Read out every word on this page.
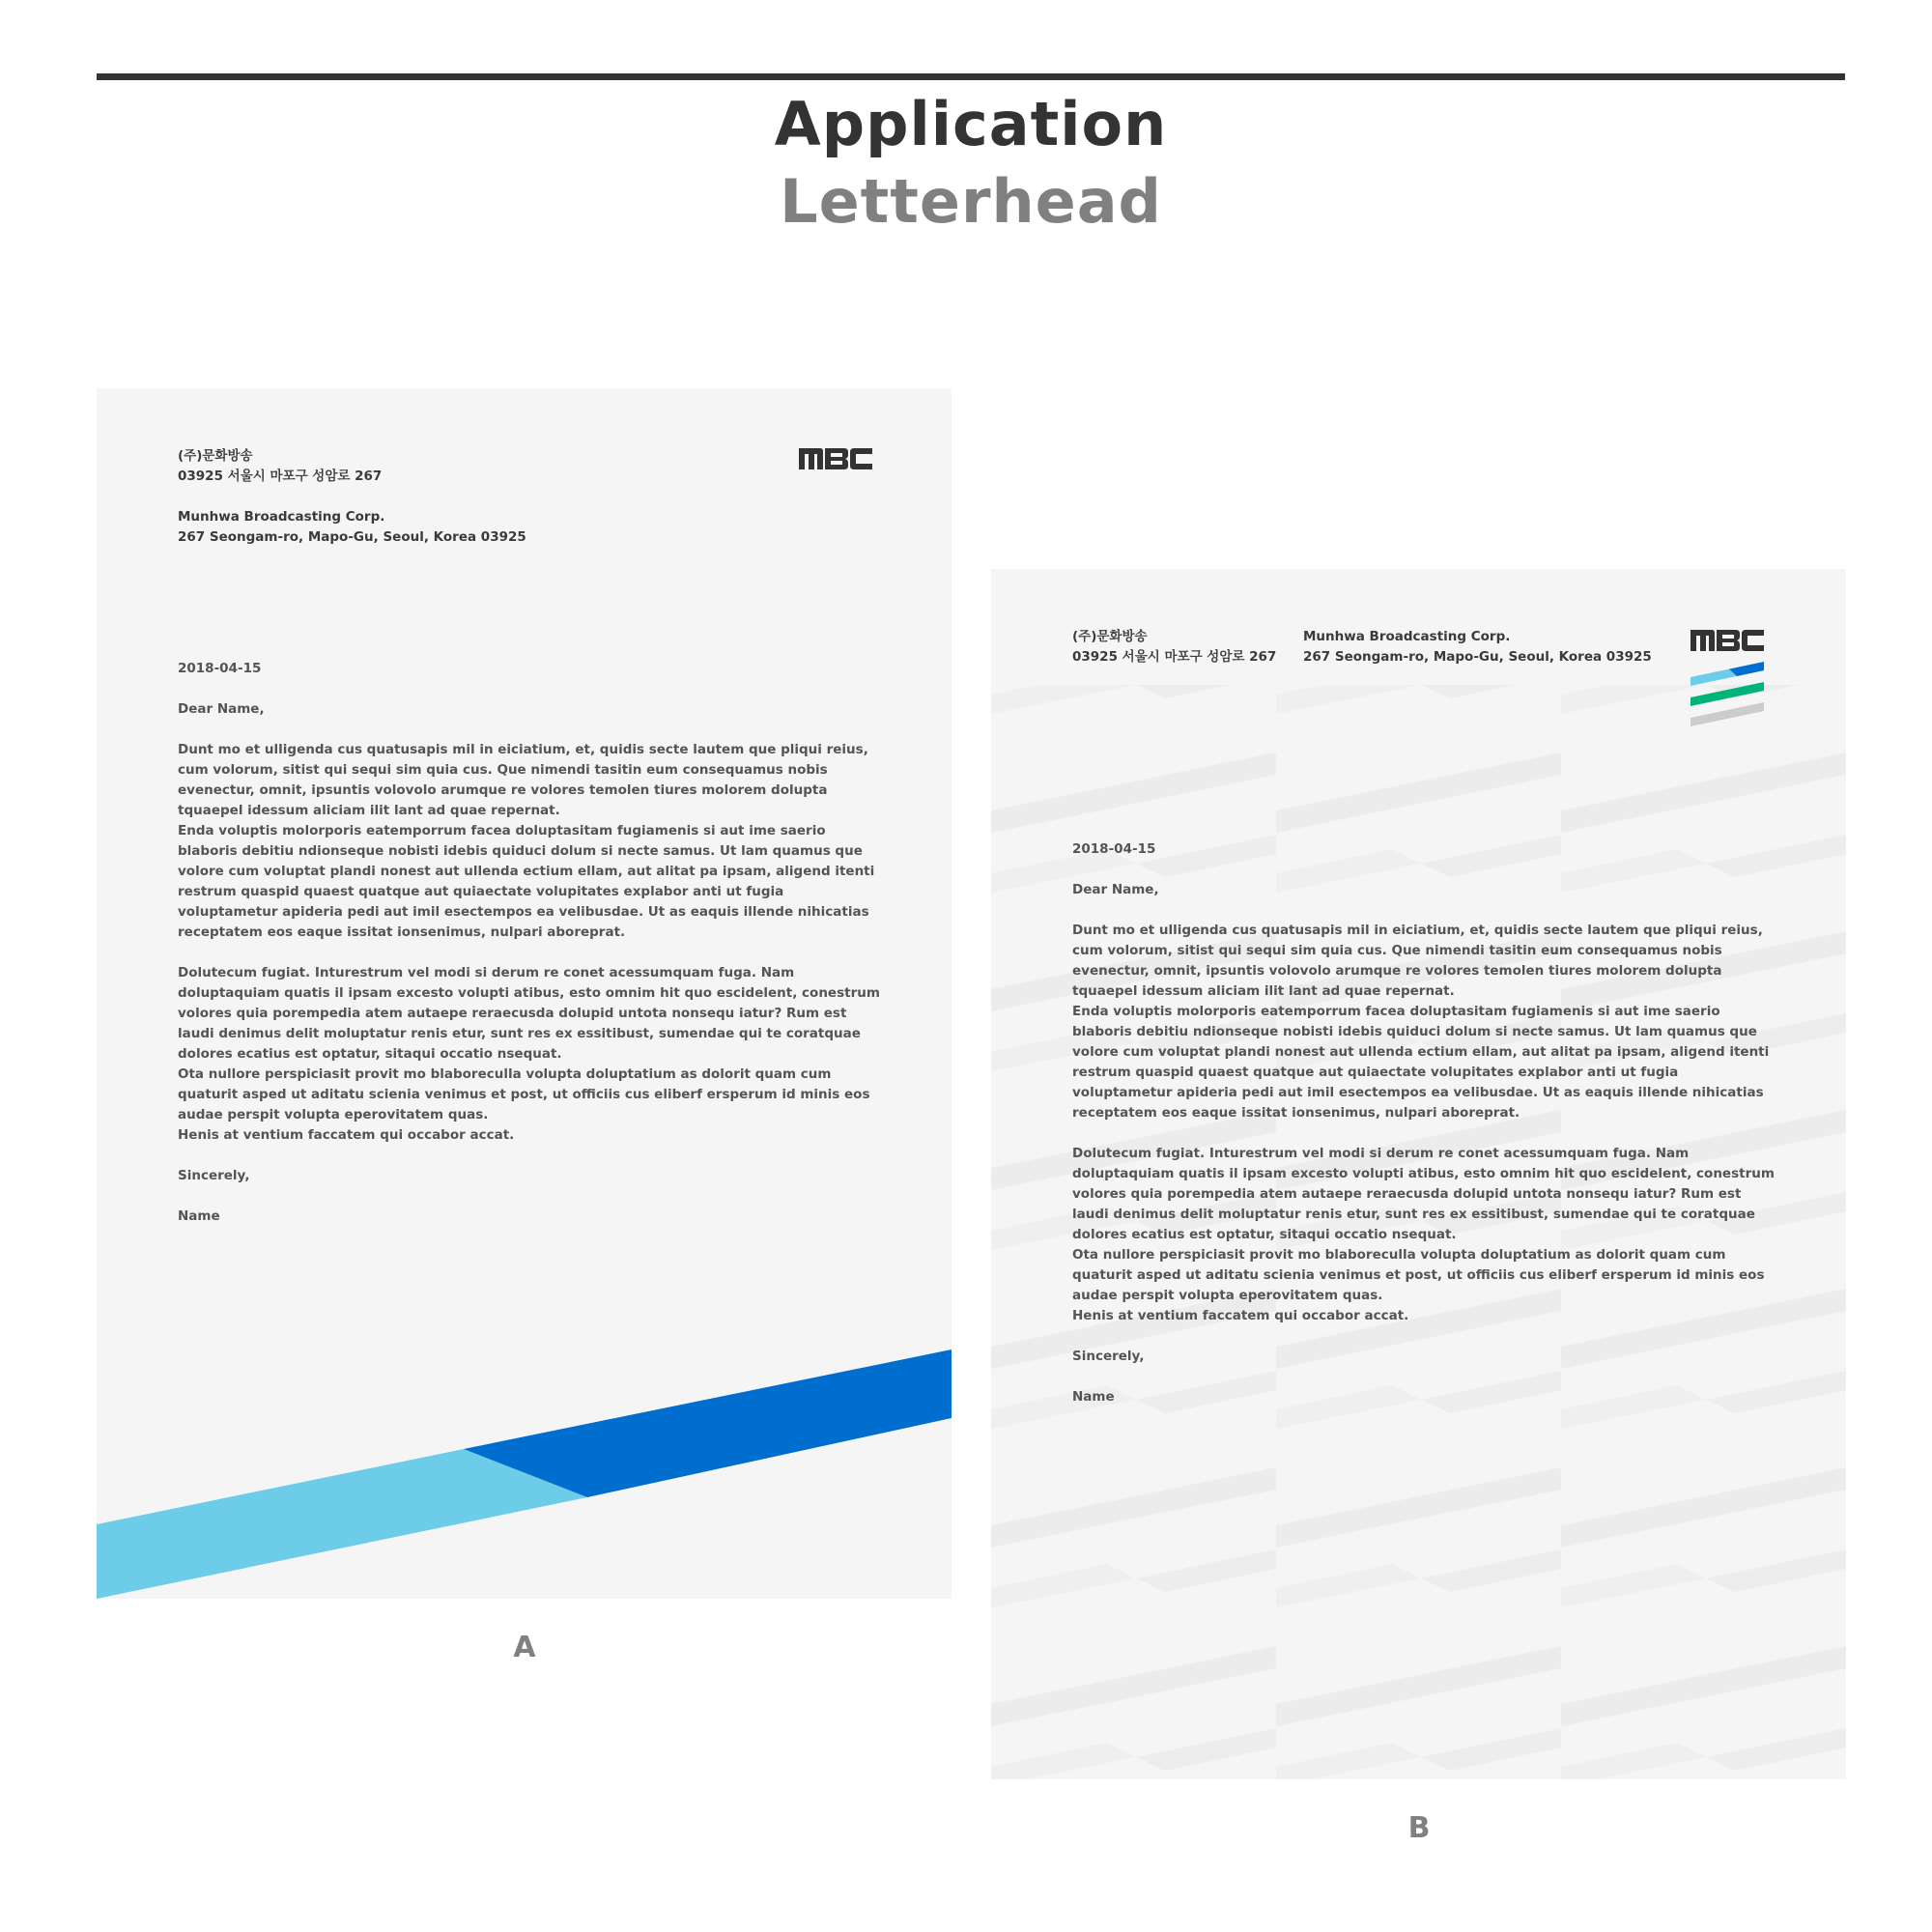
Application
Letterhead
(주)문화방송
03925 서울시 마포구 성암로 267
Munhwa Broadcasting Corp.
267 Seongam-ro, Mapo-Gu, Seoul, Korea 03925
2018-04-15
Dear Name,

Dunt mo et ulligenda cus quatusapis mil in eiciatium, et, quidis secte lautem que pliqui reius, cum volorum, sitist qui sequi sim quia cus. Que nimendi tasitin eum consequamus nobis evenectur, omnit, ipsuntis volovolo arumque re volores temolen tiures molorem dolupta tquaepel idessum aliciam ilit lant ad quae repernat.

Enda voluptis molorporis eatemporrum facea doluptasitam fugiamenis si aut ime saerio blaboris debitiu ndionseque nobisti idebis quiduci dolum si necte samus. Ut lam quamus que volore cum voluptat plandi nonest aut ullenda ectium ellam, aut alitat pa ipsam, aligend itenti restrum quaspid quaest quatque aut quiaectate volupitates explabor anti ut fugia voluptametur apideria pedi aut imil esectempos ea velibusdae. Ut as eaquis illende nihicatias receptatem eos eaque issitat ionsenimus, nulpari aboreprat.

Dolutecum fugiat. Inturestrum vel modi si derum re conet acessumquam fuga. Nam doluptaquiam quatis il ipsam excesto volupti atibus, esto omnim hit quo escidelent, conestrum volores quia porempedia atem autaepe reraecusda dolupid untota nonsequ iatur? Rum est laudi denimus delit moluptatur renis etur, sunt res ex essitibust, sumendae qui te coratquae dolores ecatius est optatur, sitaqui occatio nsequat.

Ota nullore perspiciasit provit mo blaboreculla volupta doluptatium as dolorit quam cum quaturit asped ut aditatu scienia venimus et post, ut officiis cus eliberf ersperum id minis eos audae perspit volupta eperovitatem quas.

Henis at ventium faccatem qui occabor accat.

Sincerely,
Name
A
(주)문화방송
03925 서울시 마포구 성암로 267
Munhwa Broadcasting Corp.
267 Seongam-ro, Mapo-Gu, Seoul, Korea 03925
2018-04-15
Dear Name,

Dunt mo et ulligenda cus quatusapis mil in eiciatium, et, quidis secte lautem que pliqui reius, cum volorum, sitist qui sequi sim quia cus. Que nimendi tasitin eum consequamus nobis evenectur, omnit, ipsuntis volovolo arumque re volores temolen tiures molorem dolupta tquaepel idessum aliciam ilit lant ad quae repernat.

Enda voluptis molorporis eatemporrum facea doluptasitam fugiamenis si aut ime saerio blaboris debitiu ndionseque nobisti idebis quiduci dolum si necte samus. Ut lam quamus que volore cum voluptat plandi nonest aut ullenda ectium ellam, aut alitat pa ipsam, aligend itenti restrum quaspid quaest quatque aut quiaectate volupitates explabor anti ut fugia voluptametur apideria pedi aut imil esectempos ea velibusdae. Ut as eaquis illende nihicatias receptatem eos eaque issitat ionsenimus, nulpari aboreprat.

Dolutecum fugiat. Inturestrum vel modi si derum re conet acessumquam fuga. Nam doluptaquiam quatis il ipsam excesto volupti atibus, esto omnim hit quo escidelent, conestrum volores quia porempedia atem autaepe reraecusda dolupid untota nonsequ iatur? Rum est laudi denimus delit moluptatur renis etur, sunt res ex essitibust, sumendae qui te coratquae dolores ecatius est optatur, sitaqui occatio nsequat.

Ota nullore perspiciasit provit mo blaboreculla volupta doluptatium as dolorit quam cum quaturit asped ut aditatu scienia venimus et post, ut officiis cus eliberf ersperum id minis eos audae perspit volupta eperovitatem quas.

Henis at ventium faccatem qui occabor accat.

Sincerely,
Name
B
